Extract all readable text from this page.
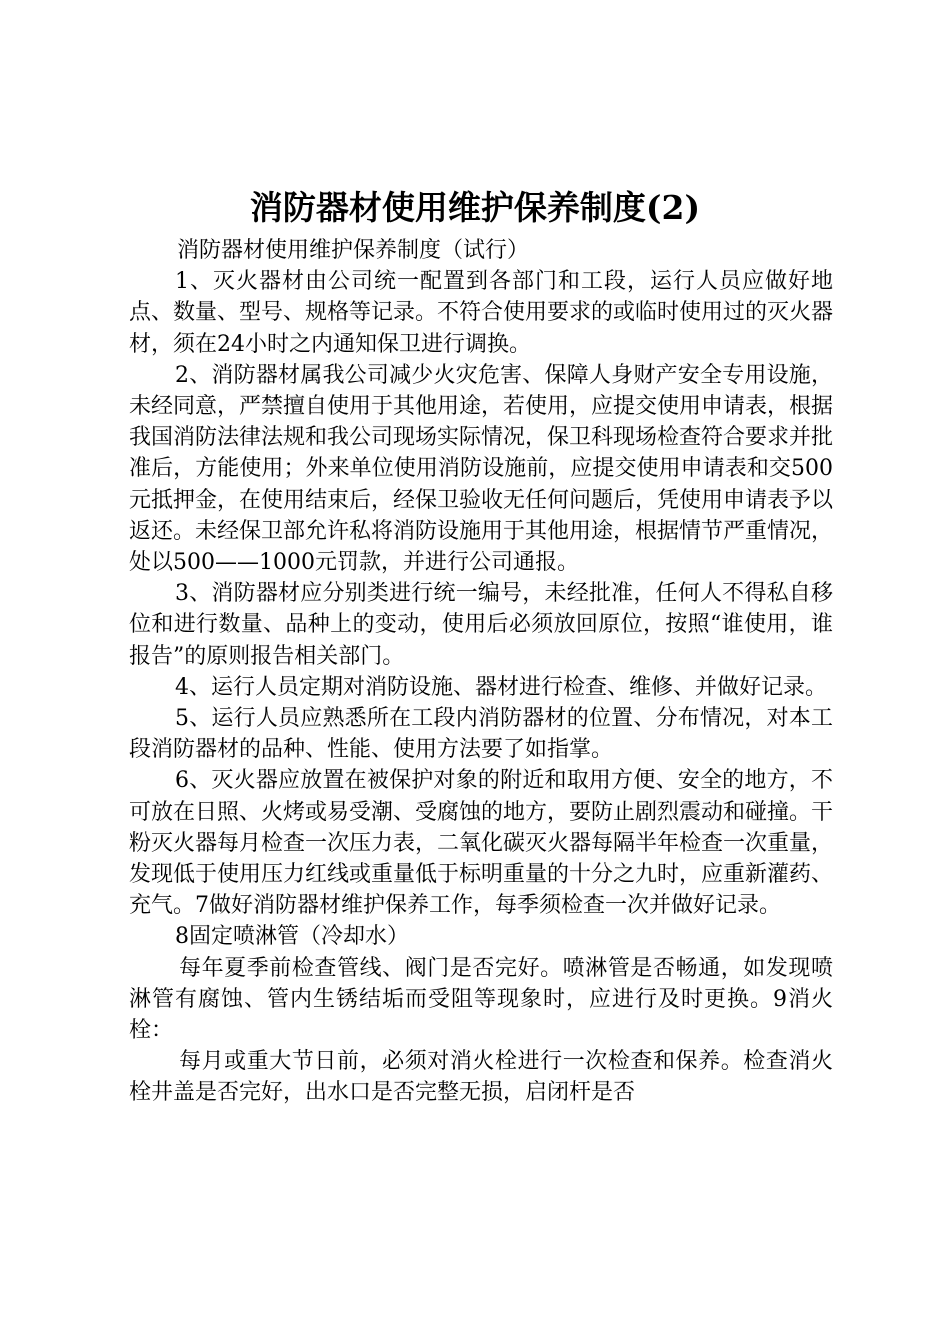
消防器材使用维护保养制度(2)

消防器材使用维护保养制度（试行）

1、灭火器材由公司统一配置到各部门和工段，运行人员应做好地点、数量、型号、规格等记录。不符合使用要求的或临时使用过的灭火器材，须在24小时之内通知保卫进行调换。

2、消防器材属我公司减少火灾危害、保障人身财产安全专用设施，未经同意，严禁擅自使用于其他用途，若使用，应提交使用申请表，根据我国消防法律法规和我公司现场实际情况，保卫科现场检查符合要求并批准后，方能使用；外来单位使用消防设施前，应提交使用申请表和交500元抵押金，在使用结束后，经保卫验收无任何问题后，凭使用申请表予以返还。未经保卫部允许私将消防设施用于其他用途，根据情节严重情况，处以500——1000元罚款，并进行公司通报。

3、消防器材应分别类进行统一编号，未经批准，任何人不得私自移位和进行数量、品种上的变动，使用后必须放回原位，按照“谁使用，谁报告”的原则报告相关部门。

4、运行人员定期对消防设施、器材进行检查、维修、并做好记录。

5、运行人员应熟悉所在工段内消防器材的位置、分布情况，对本工段消防器材的品种、性能、使用方法要了如指掌。

6、灭火器应放置在被保护对象的附近和取用方便、安全的地方，不可放在日照、火烤或易受潮、受腐蚀的地方，要防止剧烈震动和碰撞。干粉灭火器每月检查一次压力表，二氧化碳灭火器每隔半年检查一次重量，发现低于使用压力红线或重量低于标明重量的十分之九时，应重新灌药、充气。7做好消防器材维护保养工作，每季须检查一次并做好记录。

8固定喷淋管（冷却水）

每年夏季前检查管线、阀门是否完好。喷淋管是否畅通，如发现喷淋管有腐蚀、管内生锈结垢而受阻等现象时，应进行及时更换。9消火栓：

每月或重大节日前，必须对消火栓进行一次检查和保养。检查消火栓井盖是否完好，出水口是否完整无损，启闭杆是否
